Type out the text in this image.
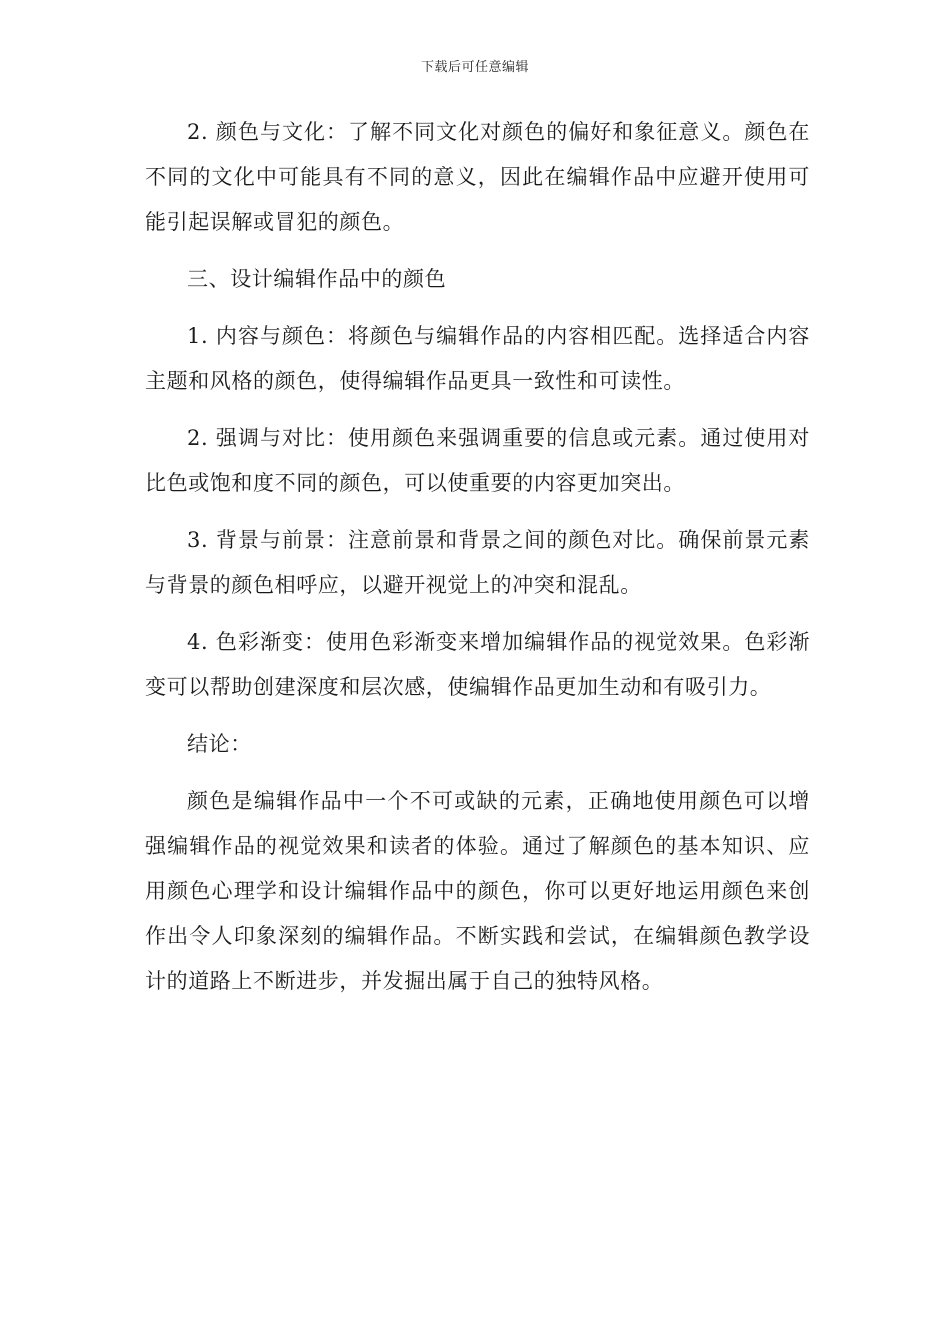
下载后可任意编辑

2. 颜色与文化：了解不同文化对颜色的偏好和象征意义。颜色在不同的文化中可能具有不同的意义，因此在编辑作品中应避开使用可能引起误解或冒犯的颜色。

三、设计编辑作品中的颜色

1. 内容与颜色：将颜色与编辑作品的内容相匹配。选择适合内容主题和风格的颜色，使得编辑作品更具一致性和可读性。

2. 强调与对比：使用颜色来强调重要的信息或元素。通过使用对比色或饱和度不同的颜色，可以使重要的内容更加突出。

3. 背景与前景：注意前景和背景之间的颜色对比。确保前景元素与背景的颜色相呼应，以避开视觉上的冲突和混乱。

4. 色彩渐变：使用色彩渐变来增加编辑作品的视觉效果。色彩渐变可以帮助创建深度和层次感，使编辑作品更加生动和有吸引力。

结论：

颜色是编辑作品中一个不可或缺的元素，正确地使用颜色可以增强编辑作品的视觉效果和读者的体验。通过了解颜色的基本知识、应用颜色心理学和设计编辑作品中的颜色，你可以更好地运用颜色来创作出令人印象深刻的编辑作品。不断实践和尝试，在编辑颜色教学设计的道路上不断进步，并发掘出属于自己的独特风格。
